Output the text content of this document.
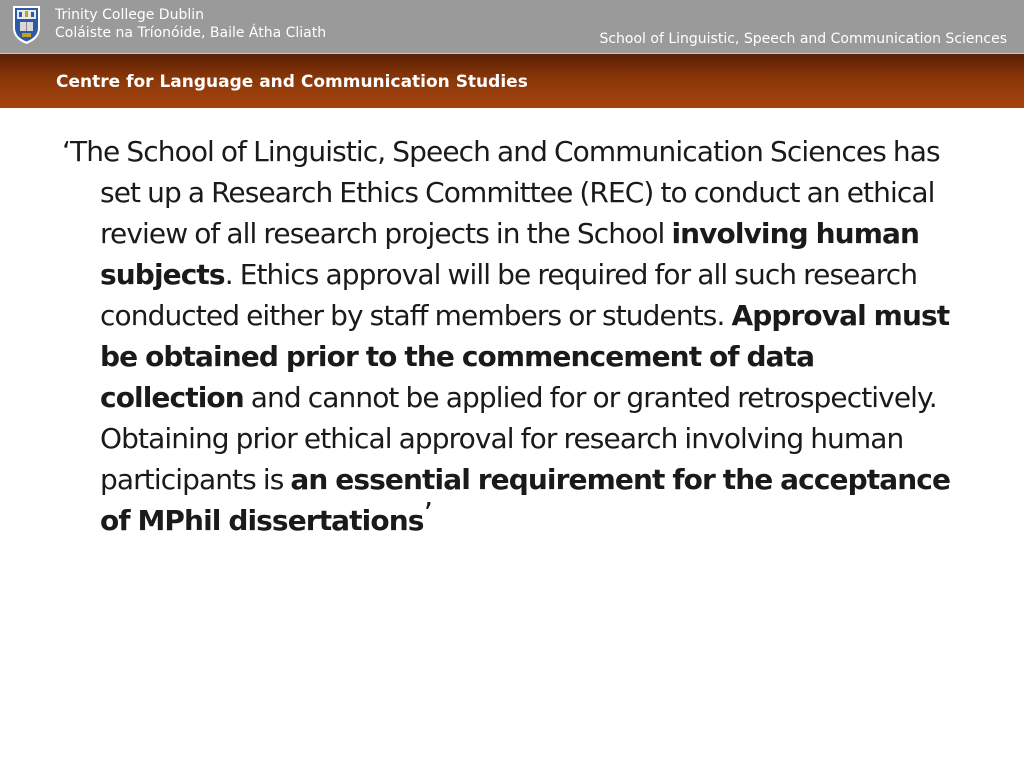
Trinity College Dublin
Coláiste na Tríonóide, Baile Átha Cliath	School of Linguistic, Speech and Communication Sciences
Centre for Language and Communication Studies
‘The School of Linguistic, Speech and Communication Sciences has set up a Research Ethics Committee (REC) to conduct an ethical review of all research projects in the School involving human subjects. Ethics approval will be required for all such research conducted either by staff members or students. Approval must be obtained prior to the commencement of data collection and cannot be applied for or granted retrospectively. Obtaining prior ethical approval for research involving human participants is an essential requirement for the acceptance of MPhil dissertations’
